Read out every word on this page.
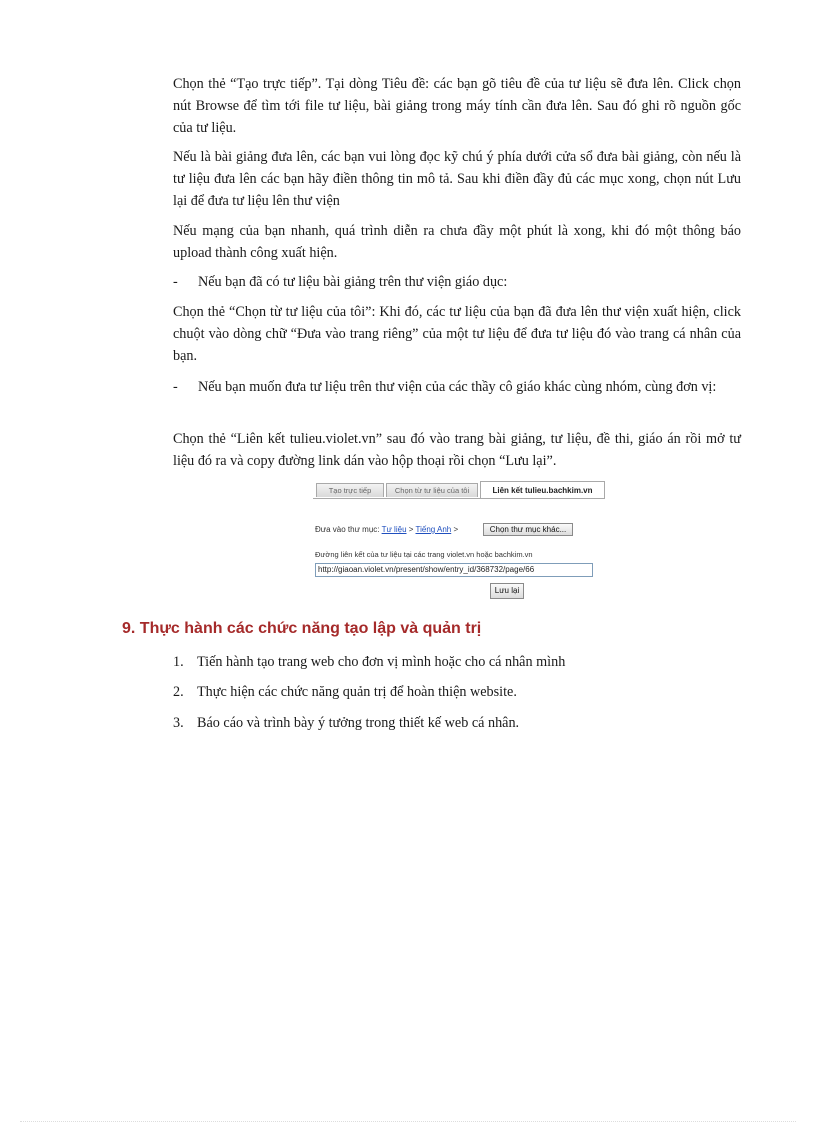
Chọn thẻ “Tạo trực tiếp”. Tại dòng Tiêu đề: các bạn gõ tiêu đề của tư liệu sẽ đưa lên. Click chọn nút Browse để tìm tới file tư liệu, bài giảng trong máy tính cần đưa lên. Sau đó ghi rõ nguồn gốc của tư liệu.

Nếu là bài giảng đưa lên, các bạn vui lòng đọc kỹ chú ý phía dưới cửa sổ đưa bài giảng, còn nếu là tư liệu đưa lên các bạn hãy điền thông tin mô tả. Sau khi điền đầy đủ các mục xong, chọn nút Lưu lại để đưa tư liệu lên thư viện

Nếu mạng của bạn nhanh, quá trình diễn ra chưa đầy một phút là xong, khi đó một thông báo upload thành công xuất hiện.

- Nếu bạn đã có tư liệu bài giảng trên thư viện giáo dục:

Chọn thẻ “Chọn từ tư liệu của tôi”: Khi đó, các tư liệu của bạn đã đưa lên thư viện xuất hiện, click chuột vào dòng chữ “Đưa vào trang riêng” của một tư liệu để đưa tư liệu đó vào trang cá nhân của bạn.

- Nếu bạn muốn đưa tư liệu trên thư viện của các thầy cô giáo khác cùng nhóm, cùng đơn vị:

Chọn thẻ “Liên kết tulieu.violet.vn” sau đó vào trang bài giảng, tư liệu, đề thi, giáo án rồi mở tư liệu đó ra và copy đường link dán vào hộp thoại rồi chọn “Lưu lại”.

Tạo trực tiếp	Chọn từ tư liệu của tôi	Liên kết tulieu.bachkim.vn
Đưa vào thư mục: Tư liệu > Tiếng Anh >	Chọn thư mục khác...
Đường liên kết của tư liệu tại các trang violet.vn hoặc bachkim.vn
http://giaoan.violet.vn/present/show/entry_id/368732/page/66
Lưu lại
9. Thực hành các chức năng tạo lập và quản trị
1. Tiến hành tạo trang web cho đơn vị mình hoặc cho cá nhân mình
2. Thực hiện các chức năng quản trị để hoàn thiện website.
3. Báo cáo và trình bày ý tưởng trong thiết kế web cá nhân.
